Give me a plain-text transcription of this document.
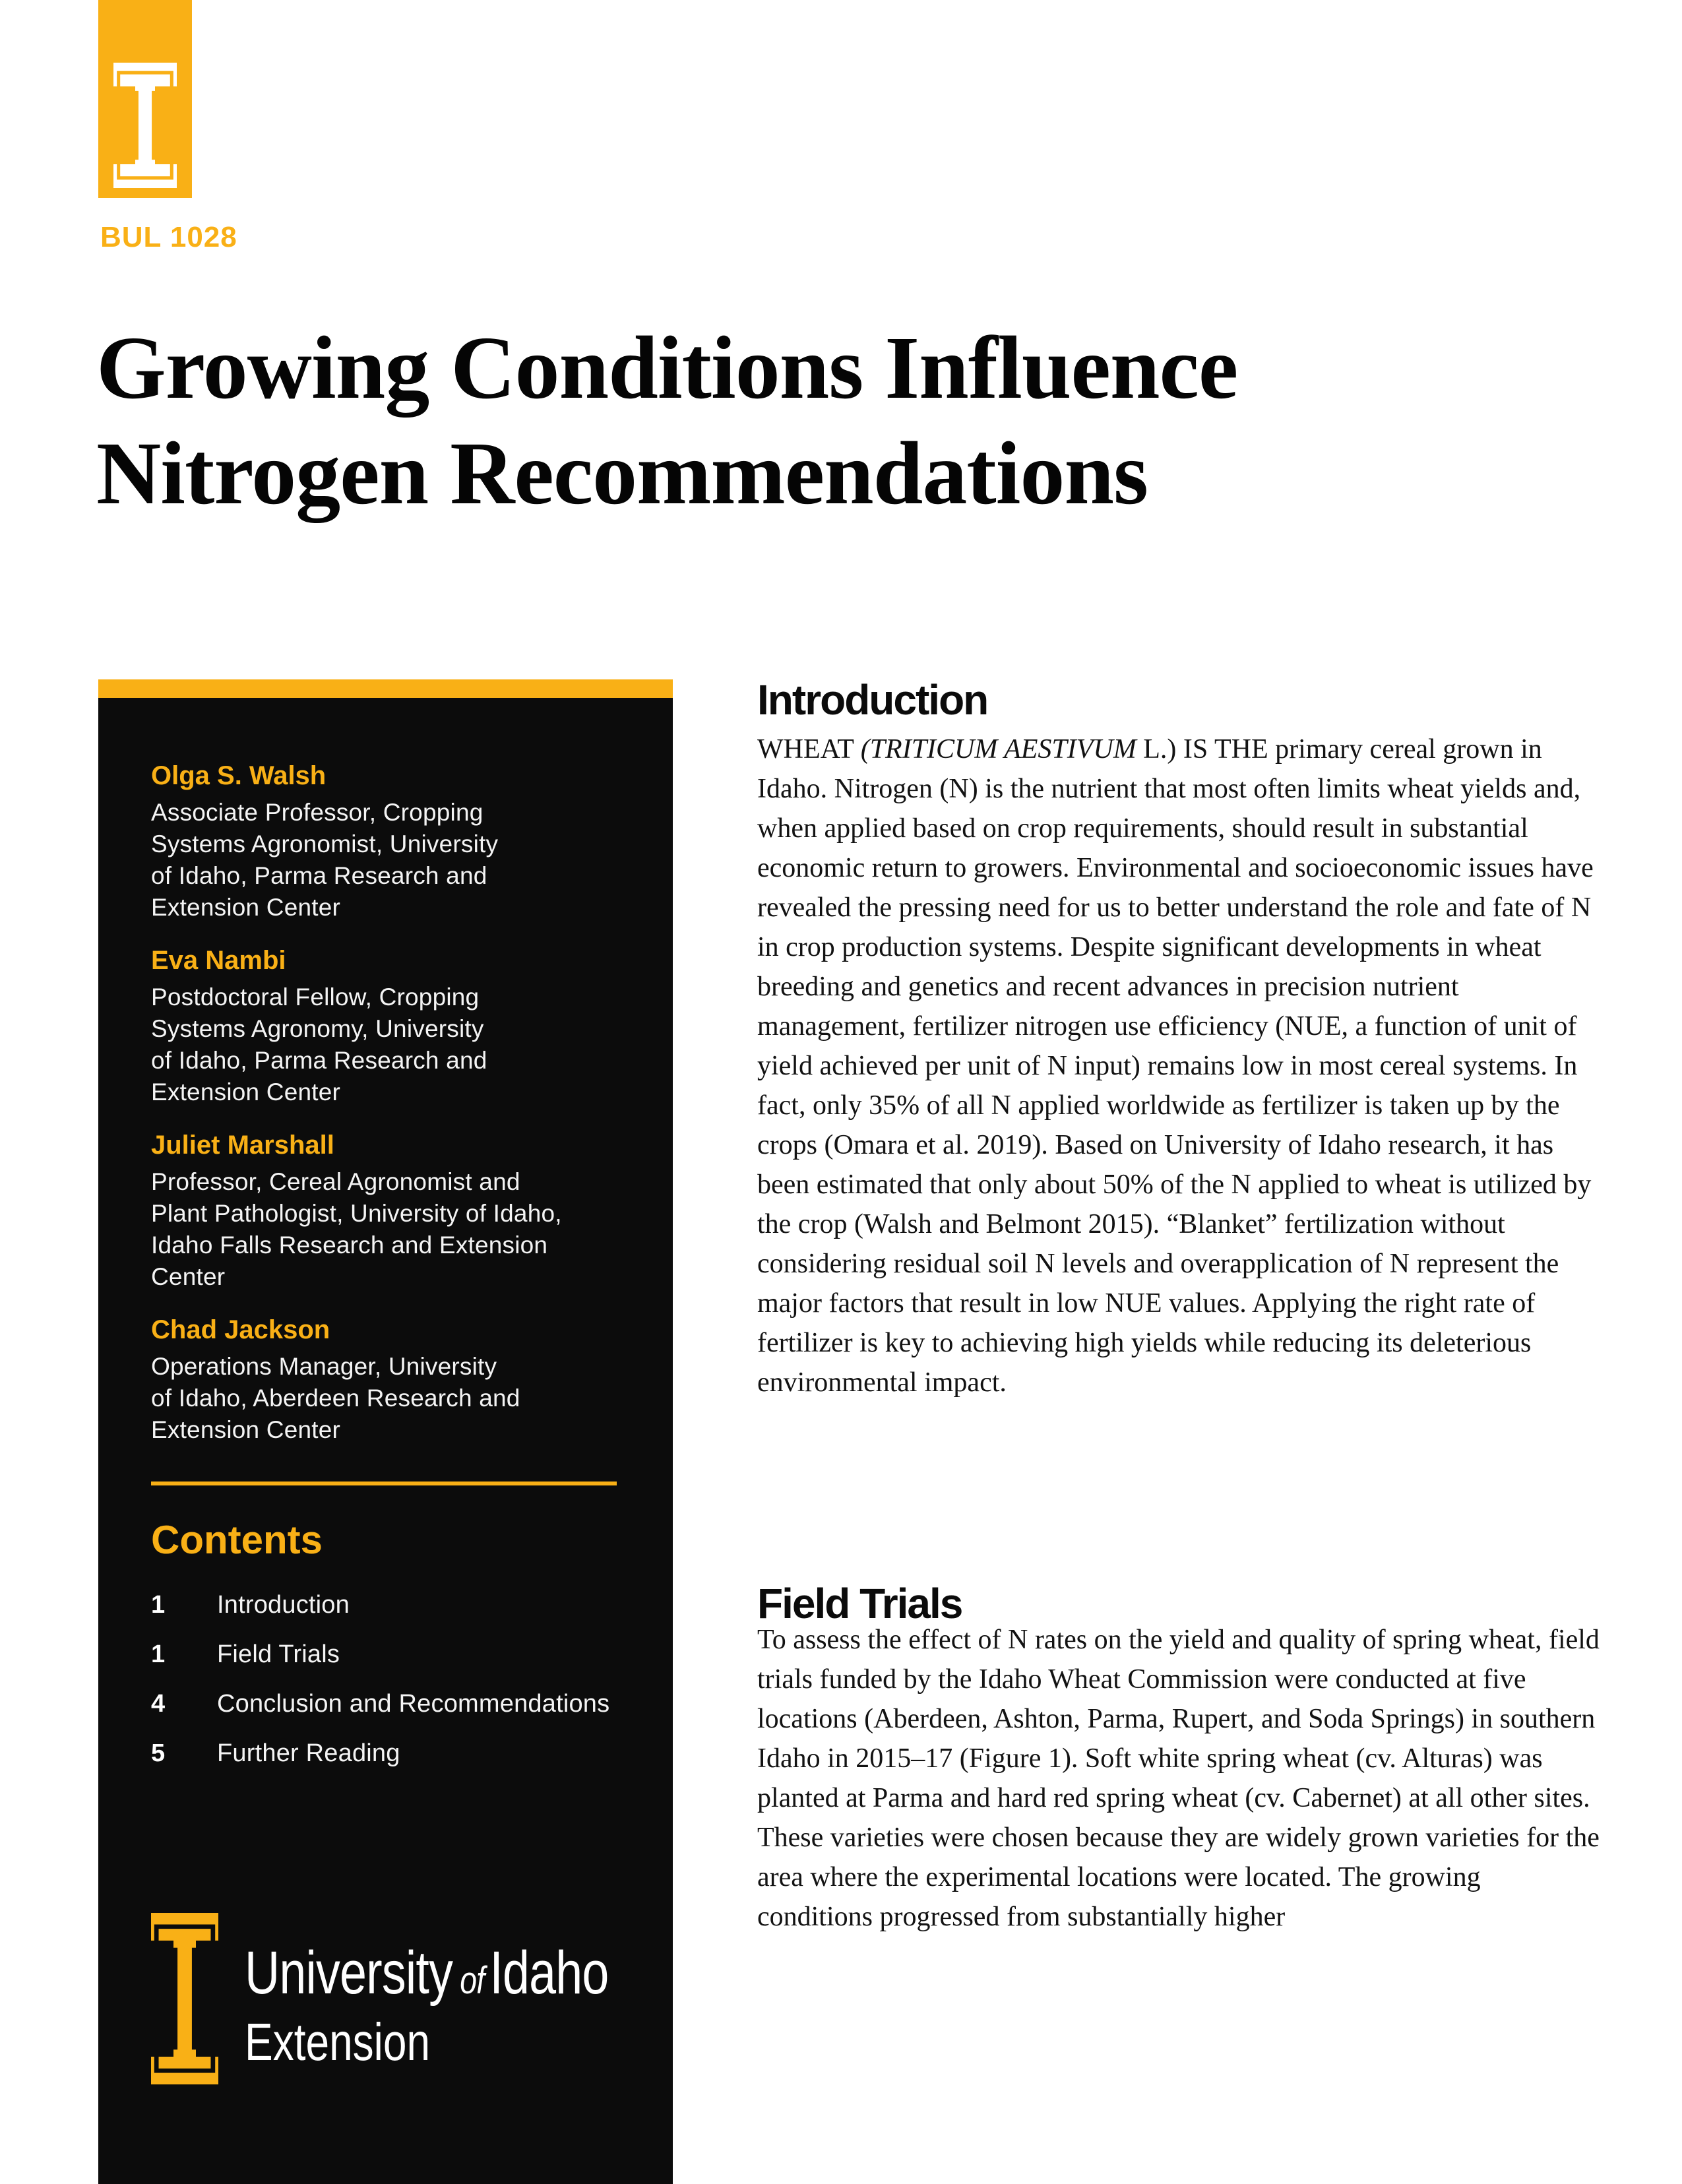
BUL 1028
Growing Conditions Influence Nitrogen Recommendations
Olga S. Walsh
Associate Professor, Cropping
Systems Agronomist, University
of Idaho, Parma Research and
Extension Center
Eva Nambi
Postdoctoral Fellow, Cropping
Systems Agronomy, University
of Idaho, Parma Research and
Extension Center
Juliet Marshall
Professor, Cereal Agronomist and
Plant Pathologist, University of Idaho,
Idaho Falls Research and Extension
Center
Chad Jackson
Operations Manager, University
of Idaho, Aberdeen Research and
Extension Center
Contents
1	Introduction
1	Field Trials
4	Conclusion and Recommendations
5	Further Reading
University ofIdaho
Extension
Introduction

WHEAT (TRITICUM AESTIVUM L.) IS THE primary cereal grown in Idaho. Nitrogen (N) is the nutrient that most often limits wheat yields and, when applied based on crop requirements, should result in substantial economic return to growers. Environmental and socioeconomic issues have revealed the pressing need for us to better understand the role and fate of N in crop production systems. Despite significant developments in wheat breeding and genetics and recent advances in precision nutrient management, fertilizer nitrogen use efficiency (NUE, a function of unit of yield achieved per unit of N input) remains low in most cereal systems. In fact, only 35% of all N applied worldwide as fertilizer is taken up by the crops (Omara et al. 2019). Based on University of Idaho research, it has been estimated that only about 50% of the N applied to wheat is utilized by the crop (Walsh and Belmont 2015). “Blanket” fertilization without considering residual soil N levels and overapplication of N represent the major factors that result in low NUE values. Applying the right rate of fertilizer is key to achieving high yields while reducing its deleterious environmental impact.

Field Trials

To assess the effect of N rates on the yield and quality of spring wheat, field trials funded by the Idaho Wheat Commission were conducted at five locations (Aberdeen, Ashton, Parma, Rupert, and Soda Springs) in southern Idaho in 2015–17 (Figure 1). Soft white spring wheat (cv. Alturas) was planted at Parma and hard red spring wheat (cv. Cabernet) at all other sites. These varieties were chosen because they are widely grown varieties for the area where the experimental locations were located. The growing conditions progressed from substantially higher
